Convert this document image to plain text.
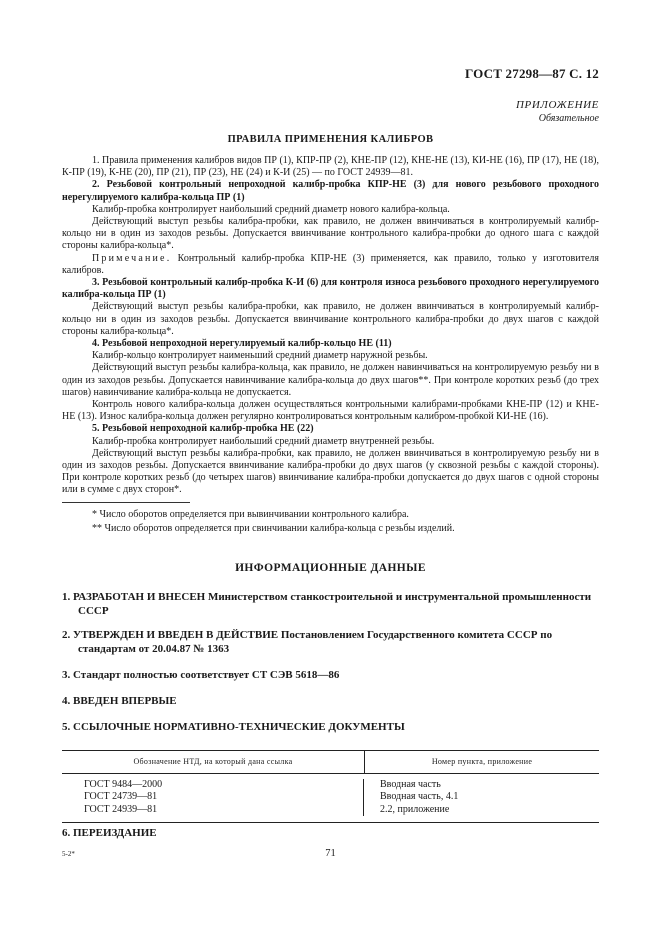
ГОСТ 27298—87 С. 12
ПРИЛОЖЕНИЕ
Обязательное
ПРАВИЛА ПРИМЕНЕНИЯ КАЛИБРОВ

1. Правила применения калибров видов ПР (1), КПР-ПР (2), КНЕ-ПР (12), КНЕ-НЕ (13), КИ-НЕ (16), ПР (17), НЕ (18), К-ПР (19), К-НЕ (20), ПР (21), ПР (23), НЕ (24) и К-И (25) — по ГОСТ 24939—81.

2. Резьбовой контрольный непроходной калибр-пробка КПР-НЕ (3) для нового резьбового проходного нерегулируемого калибра-кольца ПР (1)

Калибр-пробка контролирует наибольший средний диаметр нового калибра-кольца.

Действующий выступ резьбы калибра-пробки, как правило, не должен ввинчиваться в контролируемый калибр-кольцо ни в один из заходов резьбы. Допускается ввинчивание контрольного калибра-пробки до одного шага с каждой стороны калибра-кольца*.

Примечание. Контрольный калибр-пробка КПР-НЕ (3) применяется, как правило, только у изготовителя калибров.

3. Резьбовой контрольный калибр-пробка К-И (6) для контроля износа резьбового проходного нерегулируемого калибра-кольца ПР (1)

Действующий выступ резьбы калибра-пробки, как правило, не должен ввинчиваться в контролируемый калибр-кольцо ни в один из заходов резьбы. Допускается ввинчивание контрольного калибра-пробки до двух шагов с каждой стороны калибра-кольца*.

4. Резьбовой непроходной нерегулируемый калибр-кольцо НЕ (11)

Калибр-кольцо контролирует наименьший средний диаметр наружной резьбы.

Действующий выступ резьбы калибра-кольца, как правило, не должен навинчиваться на контролируемую резьбу ни в один из заходов резьбы. Допускается навинчивание калибра-кольца до двух шагов**. При контроле коротких резьб (до трех шагов) навинчивание калибра-кольца не допускается.

Контроль нового калибра-кольца должен осуществляться контрольными калибрами-пробками КНЕ-ПР (12) и КНЕ-НЕ (13). Износ калибра-кольца должен регулярно контролироваться контрольным калибром-пробкой КИ-НЕ (16).

5. Резьбовой непроходной калибр-пробка НЕ (22)

Калибр-пробка контролирует наибольший средний диаметр внутренней резьбы.

Действующий выступ резьбы калибра-пробки, как правило, не должен ввинчиваться в контролируемую резьбу ни в один из заходов резьбы. Допускается ввинчивание калибра-пробки до двух шагов (у сквозной резьбы с каждой стороны). При контроле коротких резьб (до четырех шагов) ввинчивание калибра-пробки допускается до двух шагов с одной стороны или в сумме с двух сторон*.

* Число оборотов определяется при вывинчивании контрольного калибра.

** Число оборотов определяется при свинчивании калибра-кольца с резьбы изделий.

ИНФОРМАЦИОННЫЕ ДАННЫЕ
1. РАЗРАБОТАН И ВНЕСЕН Министерством станкостроительной и инструментальной промышленности СССР
2. УТВЕРЖДЕН И ВВЕДЕН В ДЕЙСТВИЕ Постановлением Государственного комитета СССР по стандартам от 20.04.87 № 1363
3. Стандарт полностью соответствует СТ СЭВ 5618—86
4. ВВЕДЕН ВПЕРВЫЕ
5. ССЫЛОЧНЫЕ НОРМАТИВНО-ТЕХНИЧЕСКИЕ ДОКУМЕНТЫ
Обозначение НТД, на который дана ссылка	Номер пункта, приложение
ГОСТ 9484—2000
ГОСТ 24739—81
ГОСТ 24939—81
Вводная часть
Вводная часть, 4.1
2.2, приложение
6. ПЕРЕИЗДАНИЕ
5-2*	71
